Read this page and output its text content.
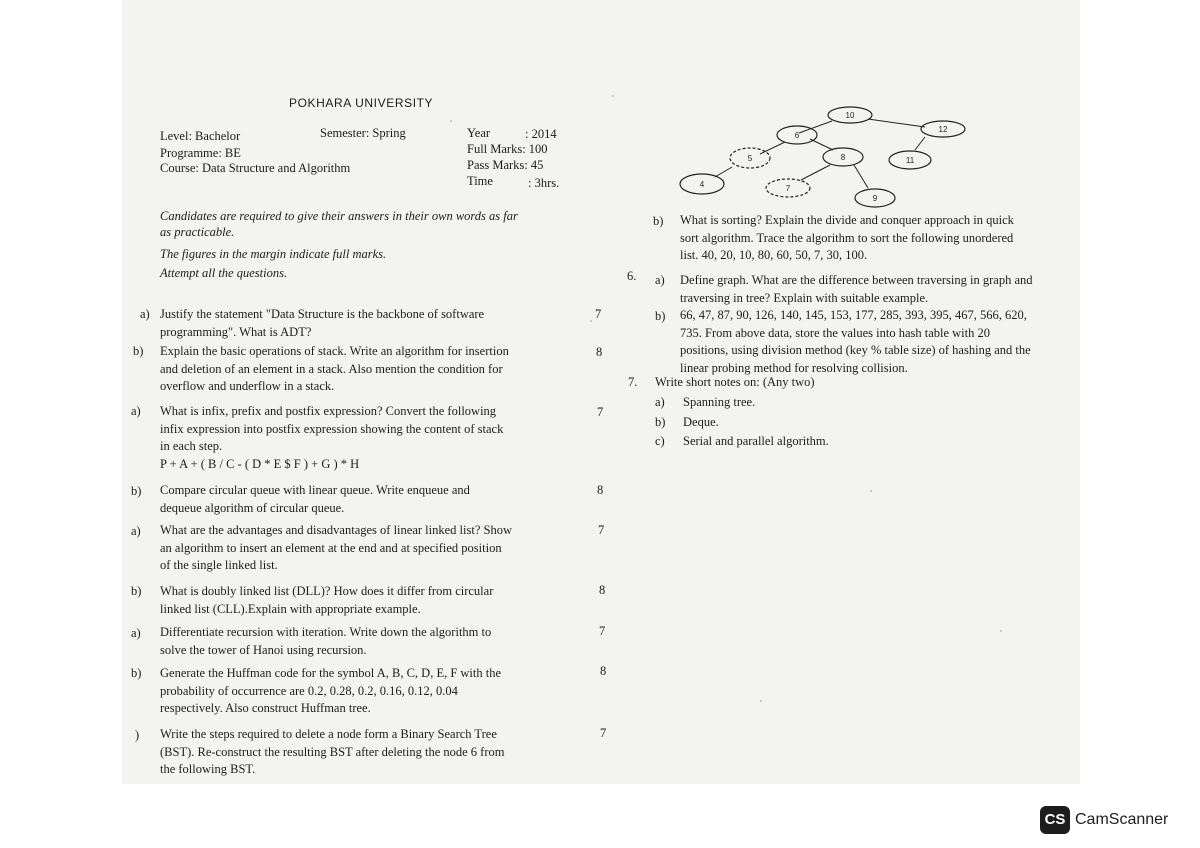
POKHARA UNIVERSITY
Level: Bachelor	Semester: Spring
Programme: BE
Course: Data Structure and Algorithm
Year	: 2014
Full Marks: 100
Pass Marks: 45
Time	: 3hrs.
Candidates are required to give their answers in their own words as far
as practicable.
The figures in the margin indicate full marks.
Attempt all the questions.
a) Justify the statement "Data Structure is the backbone of software
programming". What is ADT?
7
b) Explain the basic operations of stack. Write an algorithm for insertion
and deletion of an element in a stack. Also mention the condition for
overflow and underflow in a stack.
8
a) What is infix, prefix and postfix expression? Convert the following
infix expression into postfix expression showing the content of stack
in each step.
P + A + ( B / C - ( D * E $ F ) + G ) * H
7
b) Compare circular queue with linear queue. Write enqueue and
dequeue algorithm of circular queue.
8
a) What are the advantages and disadvantages of linear linked list? Show
an algorithm to insert an element at the end and at specified position
of the single linked list.
7
b) What is doubly linked list (DLL)? How does it differ from circular
linked list (CLL).Explain with appropriate example.
8
a) Differentiate recursion with iteration. Write down the algorithm to
solve the tower of Hanoi using recursion.
7
b) Generate the Huffman code for the symbol A, B, C, D, E, F with the
probability of occurrence are 0.2, 0.28, 0.2, 0.16, 0.12, 0.04
respectively. Also construct Huffman tree.
8
) Write the steps required to delete a node form a Binary Search Tree
(BST). Re-construct the resulting BST after deleting the node 6 from
the following BST.
7
10
6
12
5	8	11
4	7
9
b) What is sorting? Explain the divide and conquer approach in quick
sort algorithm. Trace the algorithm to sort the following unordered
list. 40, 20, 10, 80, 60, 50, 7, 30, 100.
6. a) Define graph. What are the difference between traversing in graph and
traversing in tree? Explain with suitable example.
b) 66, 47, 87, 90, 126, 140, 145, 153, 177, 285, 393, 395, 467, 566, 620,
735. From above data, store the values into hash table with 20
positions, using division method (key % table size) of hashing and the
linear probing method for resolving collision.
7. Write short notes on: (Any two)
a) Spanning tree.
b) Deque.
c) Serial and parallel algorithm.
CS CamScanner
